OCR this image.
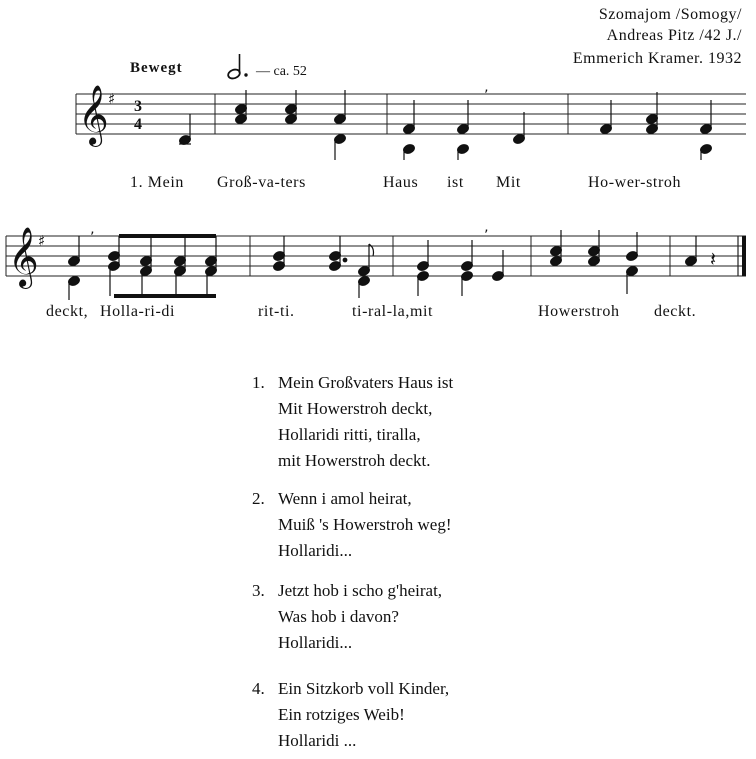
Szomajom /Somogy/
Andreas Pitz /42 J./
Emmerich Kramer. 1932
Bewegt	— ca. 52
𝄞 ♯ 3
4
’
1. Mein Groß-va-ters	Haus ist Mit	Ho-wer-stroh
𝄞 ♯	’	’
𝄽
deckt, Holla-ri-di	rit-ti.	ti-ral-la,mit	Howerstroh deckt.
1. Mein Großvaters Haus ist
Mit Howerstroh deckt,
Hollaridi ritti, tiralla,
mit Howerstroh deckt.
2. Wenn i amol heirat,
Muiß 's Howerstroh weg!
Hollaridi...
3. Jetzt hob i scho g'heirat,
Was hob i davon?
Hollaridi...
4. Ein Sitzkorb voll Kinder,
Ein rotziges Weib!
Hollaridi ...
